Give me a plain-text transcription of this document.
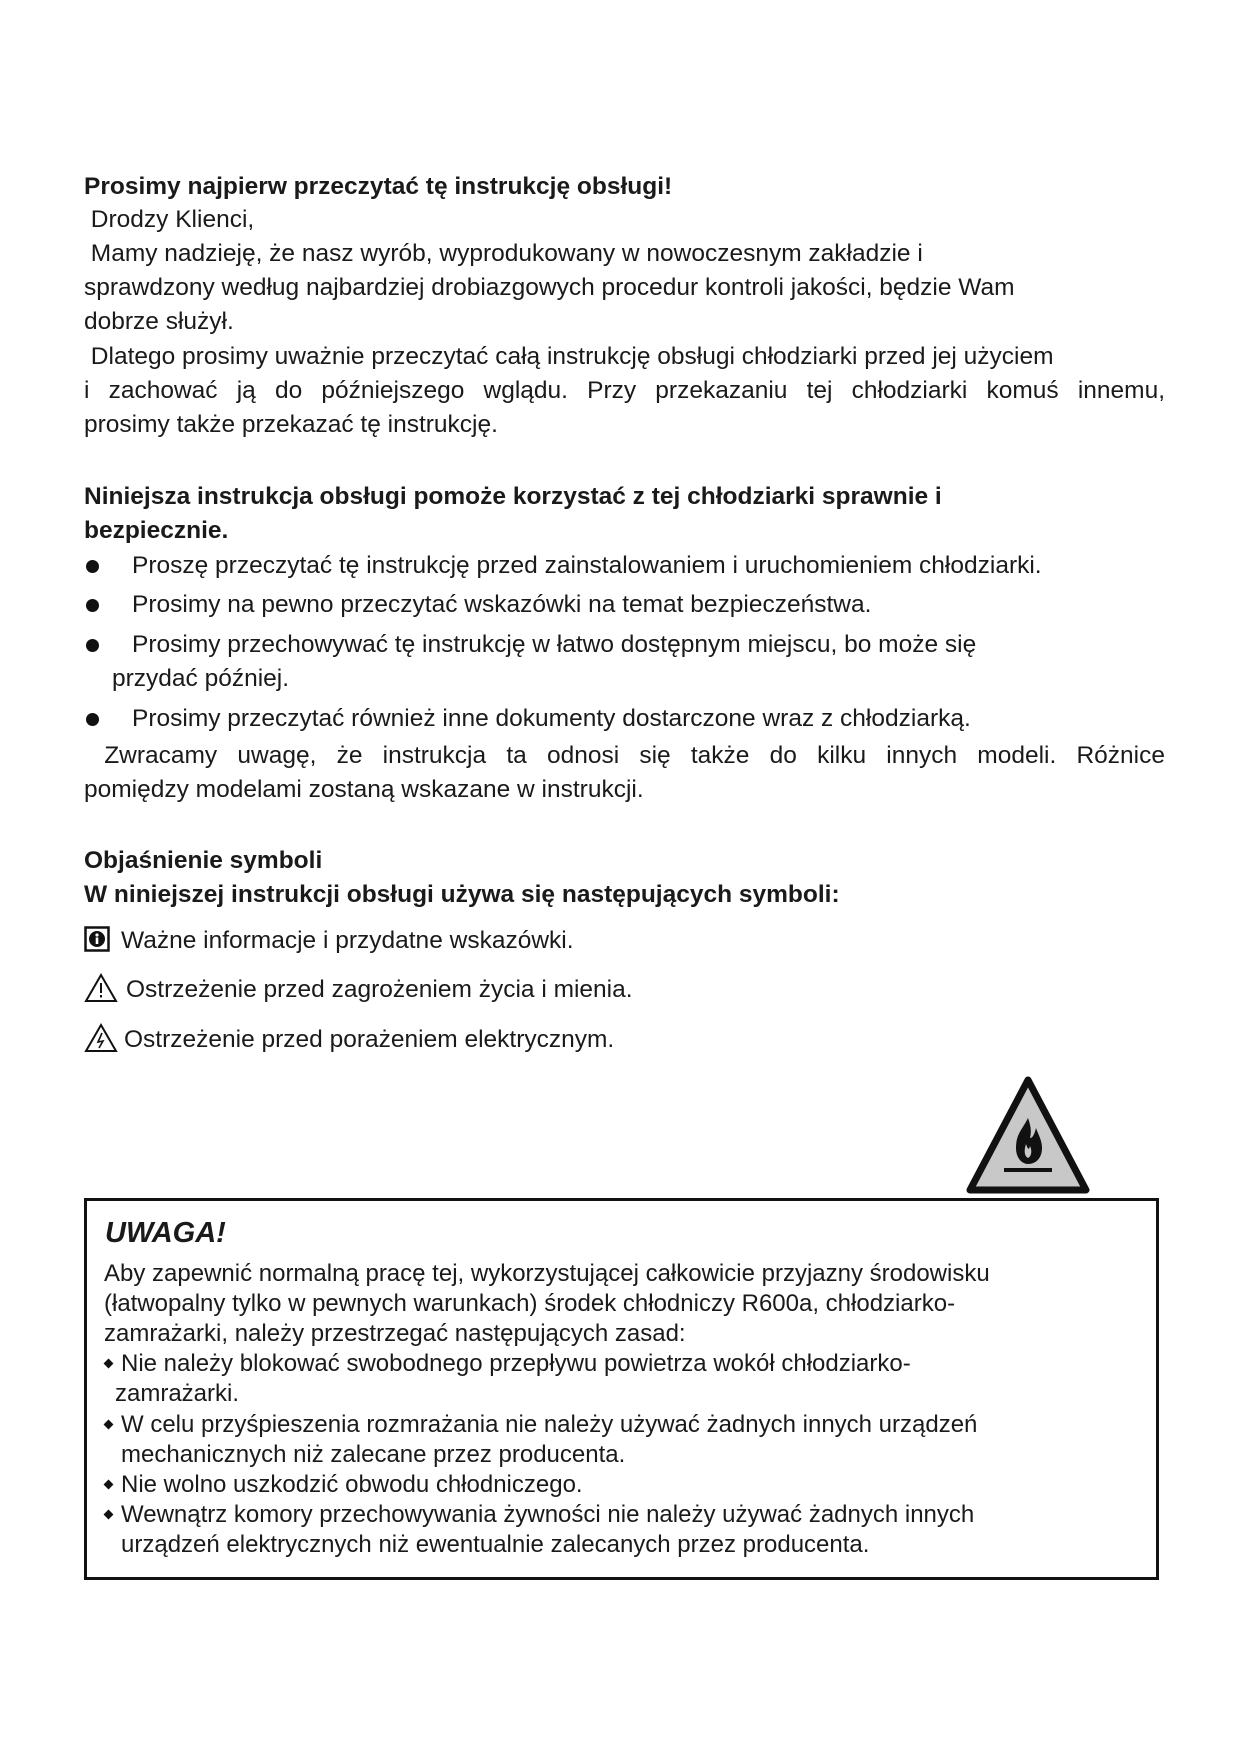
Prosimy najpierw przeczytać tę instrukcję obsługi!
Drodzy Klienci,
Mamy nadzieję, że nasz wyrób, wyprodukowany w nowoczesnym zakładzie i
sprawdzony według najbardziej drobiazgowych procedur kontroli jakości, będzie Wam
dobrze służył.
Dlatego prosimy uważnie przeczytać całą instrukcję obsługi chłodziarki przed jej użyciem
i zachować ją do późniejszego wglądu. Przy przekazaniu tej chłodziarki komuś innemu,
prosimy także przekazać tę instrukcję.
Niniejsza instrukcja obsługi pomoże korzystać z tej chłodziarki sprawnie i
bezpiecznie.
Proszę przeczytać tę instrukcję przed zainstalowaniem i uruchomieniem chłodziarki.
Prosimy na pewno przeczytać wskazówki na temat bezpieczeństwa.
Prosimy przechowywać tę instrukcję w łatwo dostępnym miejscu, bo może się
przydać później.
Prosimy przeczytać również inne dokumenty dostarczone wraz z chłodziarką.
Zwracamy uwagę, że instrukcja ta odnosi się także do kilku innych modeli. Różnice
pomiędzy modelami zostaną wskazane w instrukcji.
Objaśnienie symboli
W niniejszej instrukcji obsługi używa się następujących symboli:
Ważne informacje i przydatne wskazówki.
Ostrzeżenie przed zagrożeniem życia i mienia.
Ostrzeżenie przed porażeniem elektrycznym.
UWAGA!
Aby zapewnić normalną pracę tej, wykorzystującej całkowicie przyjazny środowisku
(łatwopalny tylko w pewnych warunkach) środek chłodniczy R600a, chłodziarko-
zamrażarki, należy przestrzegać następujących zasad:
Nie należy blokować swobodnego przepływu powietrza wokół chłodziarko-
zamrażarki.
W celu przyśpieszenia rozmrażania nie należy używać żadnych innych urządzeń
mechanicznych niż zalecane przez producenta.
Nie wolno uszkodzić obwodu chłodniczego.
Wewnątrz komory przechowywania żywności nie należy używać żadnych innych
urządzeń elektrycznych niż ewentualnie zalecanych przez producenta.
